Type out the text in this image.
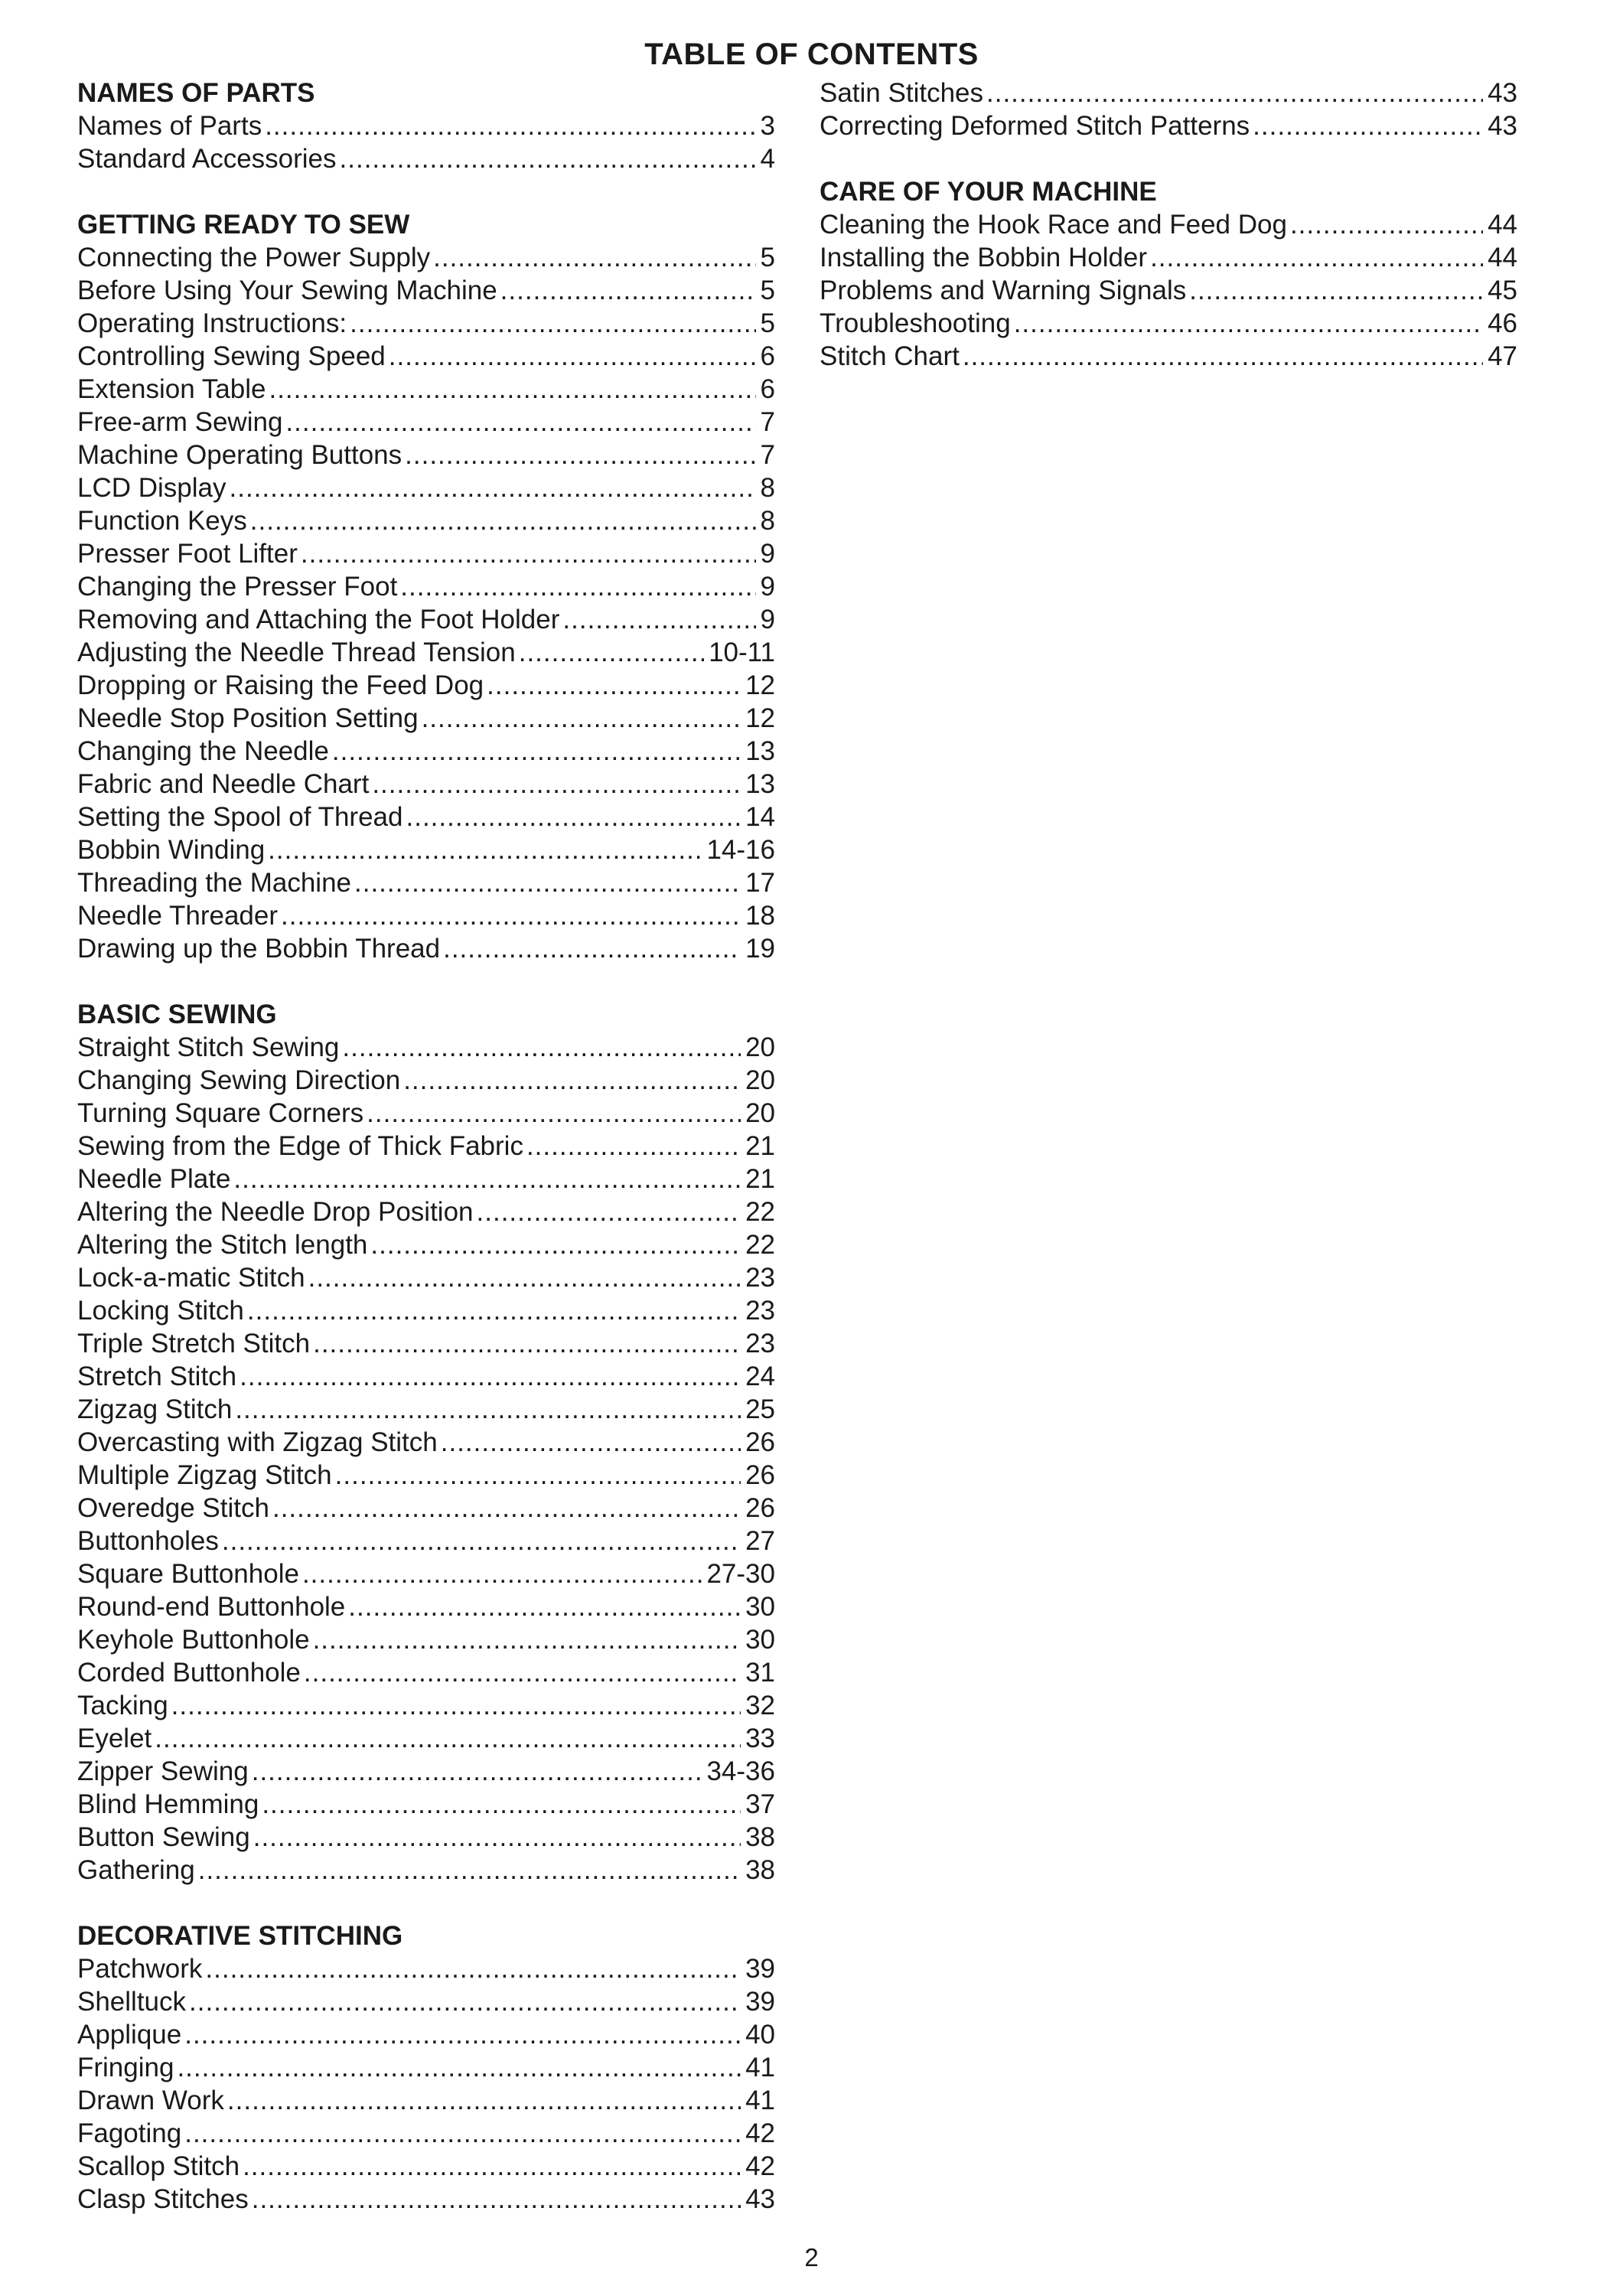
TABLE OF CONTENTS
NAMES OF PARTS
Names of Parts .....	3
Standard Accessories .....	4
GETTING READY TO SEW
Connecting the Power Supply .....	5
Before Using Your Sewing Machine .....	5
Operating Instructions: .....	5
Controlling Sewing Speed .....	6
Extension Table .....	6
Free-arm Sewing .....	7
Machine Operating Buttons .....	7
LCD Display .....	8
Function Keys .....	8
Presser Foot Lifter .....	9
Changing the Presser Foot .....	9
Removing and Attaching the Foot Holder .....	9
Adjusting the Needle Thread Tension .....	10-11
Dropping or Raising the Feed Dog .....	12
Needle Stop Position Setting .....	12
Changing the Needle .....	13
Fabric and Needle Chart .....	13
Setting the Spool of Thread .....	14
Bobbin Winding .....	14-16
Threading the Machine .....	17
Needle Threader .....	18
Drawing up the Bobbin Thread .....	19
BASIC SEWING
Straight Stitch Sewing .....	20
Changing Sewing Direction .....	20
Turning Square Corners .....	20
Sewing from the Edge of Thick Fabric .....	21
Needle Plate .....	21
Altering the Needle Drop Position .....	22
Altering the Stitch length .....	22
Lock-a-matic Stitch .....	23
Locking Stitch .....	23
Triple Stretch Stitch .....	23
Stretch Stitch .....	24
Zigzag Stitch .....	25
Overcasting with Zigzag Stitch .....	26
Multiple Zigzag Stitch .....	26
Overedge Stitch .....	26
Buttonholes .....	27
Square Buttonhole .....	27-30
Round-end Buttonhole .....	30
Keyhole Buttonhole .....	30
Corded Buttonhole .....	31
Tacking .....	32
Eyelet .....	33
Zipper Sewing .....	34-36
Blind Hemming .....	37
Button Sewing .....	38
Gathering .....	38
DECORATIVE STITCHING
Patchwork .....	39
Shelltuck .....	39
Applique .....	40
Fringing .....	41
Drawn Work .....	41
Fagoting .....	42
Scallop Stitch .....	42
Clasp Stitches .....	43
Satin Stitches .....	43
Correcting Deformed Stitch Patterns .....	43
CARE OF YOUR MACHINE
Cleaning the Hook Race and Feed Dog .....	44
Installing the Bobbin Holder .....	44
Problems and Warning Signals .....	45
Troubleshooting .....	46
Stitch Chart .....	47
2
